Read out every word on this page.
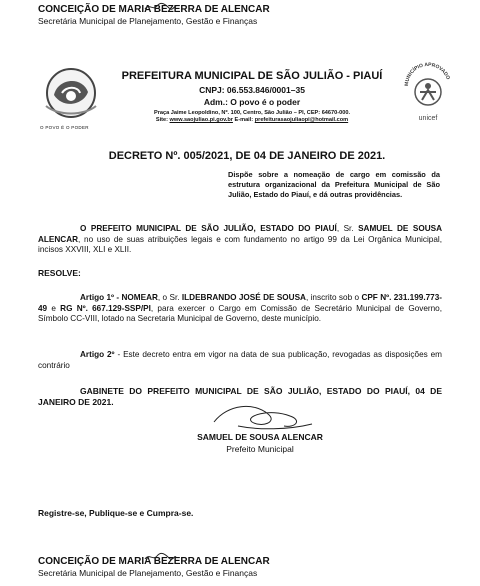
CONCEIÇÃO DE MARIA BEZERRA DE ALENCAR

Secretária Municipal de Planejamento, Gestão e Finanças

O POVO É O PODER

PREFEITURA MUNICIPAL DE SÃO JULIÃO - PIAUÍ

CNPJ: 06.553.846/0001–35

Adm.: O povo é o poder

Praça Jaime Leopoldino, Nº. 100, Centro, São Julião – PI, CEP: 64670-000.

Site: www.saojuliao.pi.gov.br E-mail: prefeiturasaojuliaopi@hotmail.com

MUNICÍPIO APROVADO

unicef

DECRETO Nº. 005/2021, DE 04 DE JANEIRO DE 2021.

Dispõe sobre a nomeação de cargo em comissão da estrutura organizacional da Prefeitura Municipal de São Julião, Estado do Piauí, e dá outras providências.

O PREFEITO MUNICIPAL DE SÃO JULIÃO, ESTADO DO PIAUÍ, Sr. SAMUEL DE SOUSA ALENCAR, no uso de suas atribuições legais e com fundamento no artigo 99 da Lei Orgânica Municipal, incisos XXVIII, XLI e XLII.

RESOLVE:

Artigo 1º - NOMEAR, o Sr. ILDEBRANDO JOSÉ DE SOUSA, inscrito sob o CPF Nº. 231.199.773-49 e RG Nº. 667.129-SSP/PI, para exercer o Cargo em Comissão de Secretário Municipal de Governo, Símbolo CC-VIII, lotado na Secretaria Municipal de Governo, deste município.

Artigo 2º - Este decreto entra em vigor na data de sua publicação, revogadas as disposições em contrário

GABINETE DO PREFEITO MUNICIPAL DE SÃO JULIÃO, ESTADO DO PIAUÍ, 04 DE JANEIRO DE 2021.

SAMUEL DE SOUSA ALENCAR

Prefeito Municipal

Registre-se, Publique-se e Cumpra-se.

CONCEIÇÃO DE MARIA BEZERRA DE ALENCAR

Secretária Municipal de Planejamento, Gestão e Finanças
